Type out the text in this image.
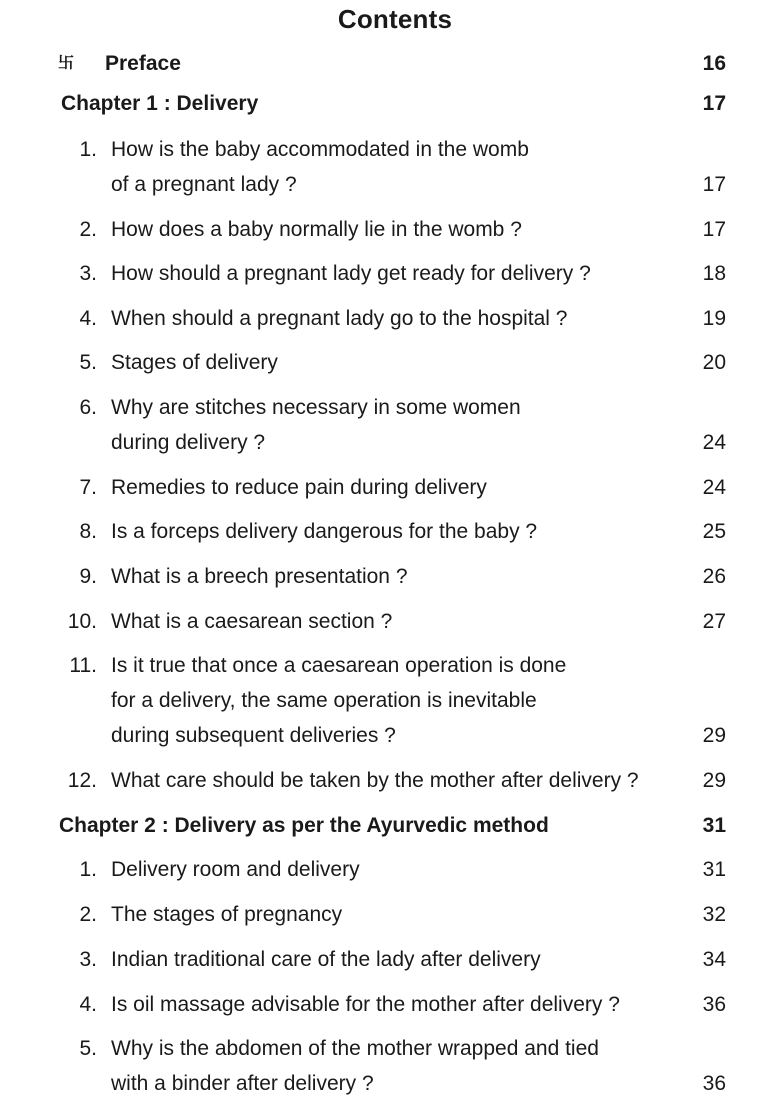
Contents
卐 Preface	16
Chapter 1 : Delivery	17
1. How is the baby accommodated in the womb
of a pregnant lady ?	17
2. How does a baby normally lie in the womb ?	17
3. How should a pregnant lady get ready for delivery ?	18
4. When should a pregnant lady go to the hospital ?	19
5. Stages of delivery	20
6. Why are stitches necessary in some women
during delivery ?	24
7. Remedies to reduce pain during delivery	24
8. Is a forceps delivery dangerous for the baby ?	25
9. What is a breech presentation ?	26
10. What is a caesarean section ?	27
11. Is it true that once a caesarean operation is done
for a delivery, the same operation is inevitable
during subsequent deliveries ?	29
12. What care should be taken by the mother after delivery ?	29
Chapter 2 : Delivery as per the Ayurvedic method	31
1. Delivery room and delivery	31
2. The stages of pregnancy	32
3. Indian traditional care of the lady after delivery	34
4. Is oil massage advisable for the mother after delivery ?	36
5. Why is the abdomen of the mother wrapped and tied
with a binder after delivery ?	36
